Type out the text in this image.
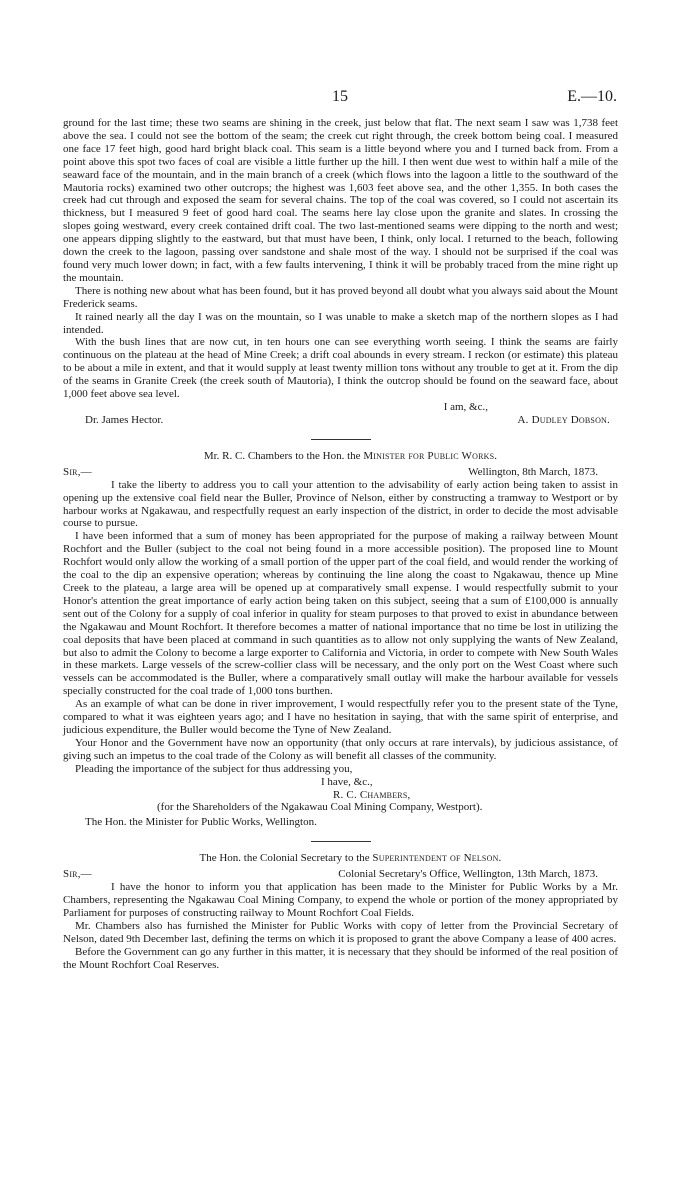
15	E.—10.

ground for the last time; these two seams are shining in the creek, just below that flat. The next seam I saw was 1,738 feet above the sea. I could not see the bottom of the seam; the creek cut right through, the creek bottom being coal. I measured one face 17 feet high, good hard bright black coal. This seam is a little beyond where you and I turned back from. From a point above this spot two faces of coal are visible a little further up the hill. I then went due west to within half a mile of the seaward face of the mountain, and in the main branch of a creek (which flows into the lagoon a little to the southward of the Mautoria rocks) examined two other outcrops; the highest was 1,603 feet above sea, and the other 1,355. In both cases the creek had cut through and exposed the seam for several chains. The top of the coal was covered, so I could not ascertain its thickness, but I measured 9 feet of good hard coal. The seams here lay close upon the granite and slates. In crossing the slopes going westward, every creek contained drift coal. The two last-mentioned seams were dipping to the north and west; one appears dipping slightly to the eastward, but that must have been, I think, only local. I returned to the beach, following down the creek to the lagoon, passing over sandstone and shale most of the way. I should not be surprised if the coal was found very much lower down; in fact, with a few faults intervening, I think it will be probably traced from the mine right up the mountain.

There is nothing new about what has been found, but it has proved beyond all doubt what you always said about the Mount Frederick seams.

It rained nearly all the day I was on the mountain, so I was unable to make a sketch map of the northern slopes as I had intended.

With the bush lines that are now cut, in ten hours one can see everything worth seeing. I think the seams are fairly continuous on the plateau at the head of Mine Creek; a drift coal abounds in every stream. I reckon (or estimate) this plateau to be about a mile in extent, and that it would supply at least twenty million tons without any trouble to get at it. From the dip of the seams in Granite Creek (the creek south of Mautoria), I think the outcrop should be found on the seaward face, about 1,000 feet above sea level.

I am, &c.,

Dr. James Hector.	A. Dudley Dobson.

Mr. R. C. Chambers to the Hon. the Minister for Public Works.

Sir,—	Wellington, 8th March, 1873.

I take the liberty to address you to call your attention to the advisability of early action being taken to assist in opening up the extensive coal field near the Buller, Province of Nelson, either by constructing a tramway to Westport or by harbour works at Ngakawau, and respectfully request an early inspection of the district, in order to decide the most advisable course to pursue.

I have been informed that a sum of money has been appropriated for the purpose of making a railway between Mount Rochfort and the Buller (subject to the coal not being found in a more accessible position). The proposed line to Mount Rochfort would only allow the working of a small portion of the upper part of the coal field, and would render the working of the coal to the dip an expensive operation; whereas by continuing the line along the coast to Ngakawau, thence up Mine Creek to the plateau, a large area will be opened up at comparatively small expense. I would respectfully submit to your Honor's attention the great importance of early action being taken on this subject, seeing that a sum of £100,000 is annually sent out of the Colony for a supply of coal inferior in quality for steam purposes to that proved to exist in abundance between the Ngakawau and Mount Rochfort. It therefore becomes a matter of national importance that no time be lost in utilizing the coal deposits that have been placed at command in such quantities as to allow not only supplying the wants of New Zealand, but also to admit the Colony to become a large exporter to California and Victoria, in order to compete with New South Wales in these markets. Large vessels of the screw-collier class will be necessary, and the only port on the West Coast where such vessels can be accommodated is the Buller, where a comparatively small outlay will make the harbour available for vessels specially constructed for the coal trade of 1,000 tons burthen.

As an example of what can be done in river improvement, I would respectfully refer you to the present state of the Tyne, compared to what it was eighteen years ago; and I have no hesitation in saying, that with the same spirit of enterprise, and judicious expenditure, the Buller would become the Tyne of New Zealand.

Your Honor and the Government have now an opportunity (that only occurs at rare intervals), by judicious assistance, of giving such an impetus to the coal trade of the Colony as will benefit all classes of the community.

Pleading the importance of the subject for thus addressing you,

I have, &c.,

R. C. Chambers,

(for the Shareholders of the Ngakawau Coal Mining Company, Westport).

The Hon. the Minister for Public Works, Wellington.

The Hon. the Colonial Secretary to the Superintendent of Nelson.

Sir,—	Colonial Secretary's Office, Wellington, 13th March, 1873.

I have the honor to inform you that application has been made to the Minister for Public Works by a Mr. Chambers, representing the Ngakawau Coal Mining Company, to expend the whole or portion of the money appropriated by Parliament for purposes of constructing railway to Mount Rochfort Coal Fields.

Mr. Chambers also has furnished the Minister for Public Works with copy of letter from the Provincial Secretary of Nelson, dated 9th December last, defining the terms on which it is proposed to grant the above Company a lease of 400 acres.

Before the Government can go any further in this matter, it is necessary that they should be informed of the real position of the Mount Rochfort Coal Reserves.
